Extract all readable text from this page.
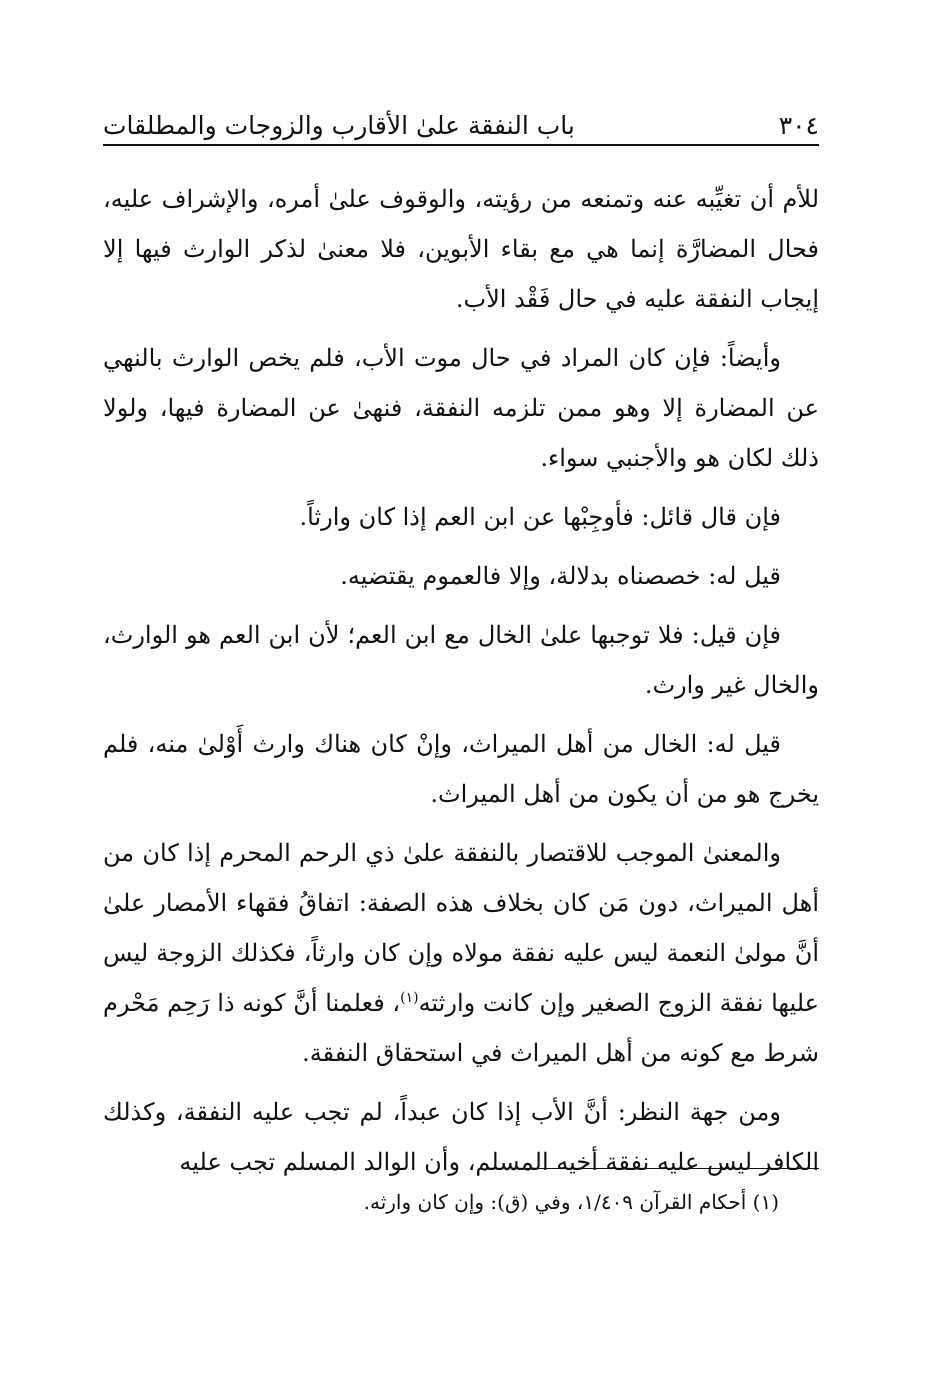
٣٠٤
باب النفقة علىٰ الأقارب والزوجات والمطلقات

للأم أن تغيِّبه عنه وتمنعه من رؤيته، والوقوف علىٰ أمره، والإشراف عليه، فحال المضارَّة إنما هي مع بقاء الأبوين، فلا معنىٰ لذكر الوارث فيها إلا إيجاب النفقة عليه في حال فَقْد الأب.

وأيضاً: فإن كان المراد في حال موت الأب، فلم يخص الوارث بالنهي عن المضارة إلا وهو ممن تلزمه النفقة، فنهىٰ عن المضارة فيها، ولولا ذلك لكان هو والأجنبي سواء.

فإن قال قائل: فأوجِبْها عن ابن العم إذا كان وارثاً.

قيل له: خصصناه بدلالة، وإلا فالعموم يقتضيه.

فإن قيل: فلا توجبها علىٰ الخال مع ابن العم؛ لأن ابن العم هو الوارث، والخال غير وارث.

قيل له: الخال من أهل الميراث، وإنْ كان هناك وارث أَوْلىٰ منه، فلم يخرج هو من أن يكون من أهل الميراث.

والمعنىٰ الموجب للاقتصار بالنفقة علىٰ ذي الرحم المحرم إذا كان من أهل الميراث، دون مَن كان بخلاف هذه الصفة: اتفاقُ فقهاء الأمصار علىٰ أنَّ مولىٰ النعمة ليس عليه نفقة مولاه وإن كان وارثاً، فكذلك الزوجة ليس عليها نفقة الزوج الصغير وإن كانت وارثته$^{(١)}$، فعلمنا أنَّ كونه ذا رَحِم مَحْرم شرط مع كونه من أهل الميراث في استحقاق النفقة.

ومن جهة النظر: أنَّ الأب إذا كان عبداً، لم تجب عليه النفقة، وكذلك الكافر ليس عليه نفقة أخيه المسلم، وأن الوالد المسلم تجب عليه

(١) أحكام القرآن ١/٤٠٩، وفي (ق): وإن كان وارثه.
